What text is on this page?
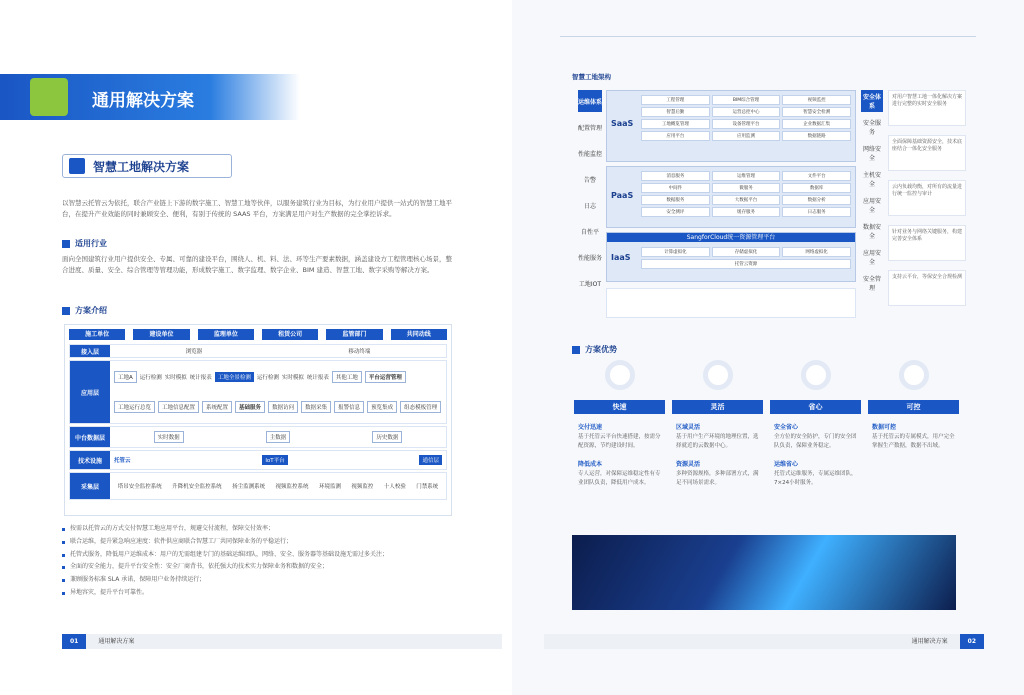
通用解决方案
智慧工地解决方案

以智慧云托管云为依托，联合产业链上下游的数字施工、智慧工地等伙伴，以服务建筑行业为目标，为行业用户提供一站式的智慧工地平台，在提升产业效能的同时兼顾安全、便利，有别于传统的 SAAS 平台，方案满足用户对生产数据的完全掌控诉求。

适用行业

面向全国建筑行业用户提供安全、专属、可靠的建设平台，围绕人、机、料、法、环等生产要素数据，涵盖建设方工程管理核心场景，整合进度、质量、安全、综合管理等管理功能，形成数字施工、数字监理、数字企业、BIM 建造、智慧工地、数字采购等解决方案。

方案介绍
施工单位	建设单位	监理单位	租赁公司	监管部门	共同动线
接入层	浏览器	移动终端
应用层
工地A	运行检测 实时模拟 统计报表	工地全景检测	运行检测 实时模拟 统计报表	其他工地	平台运营管理
工地运行总览	工地信息配置	系统配置	基础服务	数据访问	数据采集	报警信息	预览集成	组态模板管理
中台数据层	实时数据	主数据	历史数据
技术设施	托管云	IoT平台	通信层
采集层	塔吊安全监控系统 升降机安全监控系统 扬尘监测系统 视频监控系统 环境监测 视频监控 十人校验 门禁系统
按需以托管云的方式交付智慧工地应用平台，规避交付流程，保障交付效率；
联合运维，提升紧急响应速度：软件供应商联合智慧工厂共同保障业务的平稳运行；
托管式服务，降低用户运维成本：用户的无需组建专门的基础运维团队，网络、安全、服务器等基础设施无需过多关注；
全面的安全能力，提升平台安全性：安全厂商背书，依托强大的技术实力保障业务和数据的安全；
兼顾服务标准 SLA 承诺，保障用户业务持续运行；
异地容灾，提升平台可靠性。
01	通用解决方案
智慧工地架构
运维体系
配置管理
性能监控
告警
日志
自性平
性能服务
工地IOT
SaaS
工程管理	BIM综合管理	视频监控
智慧后勤	运营总控中心	智慧安全检测
工地概览管理	设备管理平台	企业数据汇集
应用平台	应用监测	数据链路
PaaS
消息服务	运维管理	文件平台
中间件	微服务	数据库
数据服务	大数据平台	数据分析
安全测评	缓存服务	日志服务
SangforCloud统一资源管理平台
IaaS
计算虚拟化	存储虚拟化	网络虚拟化
托管云资源
安全体系
安全服务
网络安全
主机安全
应用安全
数据安全
应用安全
安全管理
对用户智慧工地一体化解决方案进行完整的实时安全服务
全面保障基础资源安全，技术底座结合一体化安全服务
云内负载均衡，对所有的流量进行统一监控与审计
针对业务与网络关键服务，构建完善安全体系
支持云平台，等保安全合规检测
方案优势
快速
交付迅速
基于托管云平台快速搭建，按需分配资源，节约建设时间。
降低成本
专人运营，对保障运维稳定性有专业团队负责，降低用户成本。
灵活
区域灵活
基于用户生产环境的地理位置，选择就近的云数据中心。
资源灵活
多种资源规格，多种部署方式，满足不同场景需求。
省心
安全省心
全方位的安全防护，专门的安全团队负责，保障业务稳定。
运维省心
托管式运维服务，专属运维团队，7×24小时服务。
可控
数据可控
基于托管云的专属模式，用户完全掌握生产数据，数据不出域。
通用解决方案	02
